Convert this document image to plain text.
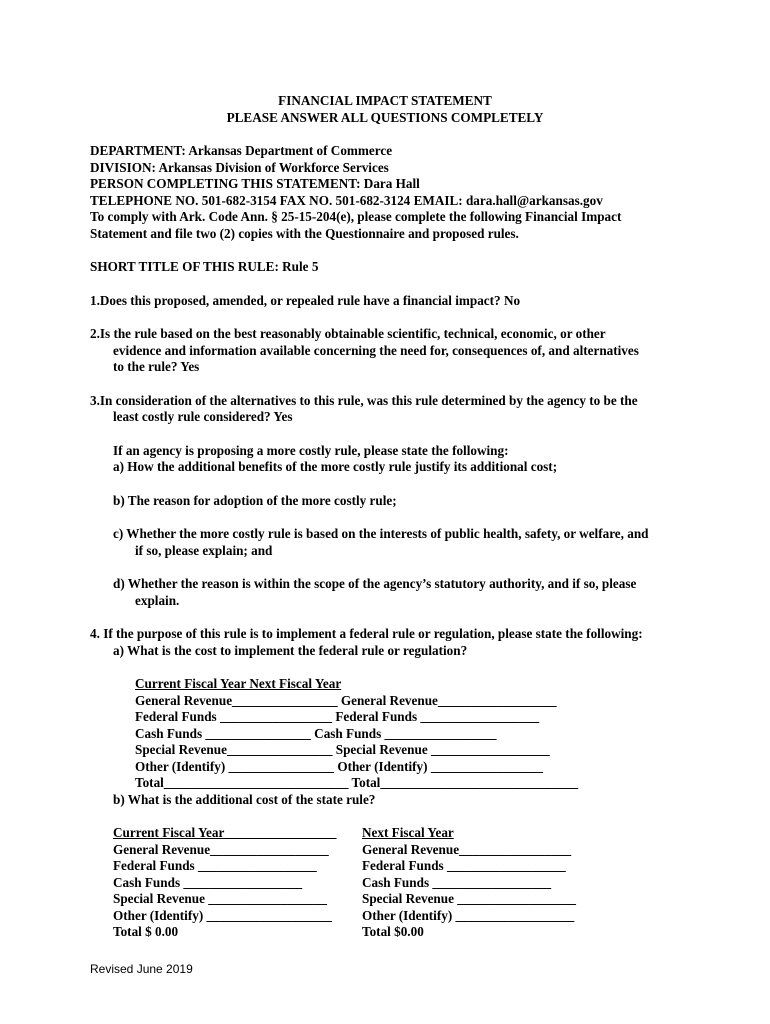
FINANCIAL IMPACT STATEMENT
PLEASE ANSWER ALL QUESTIONS COMPLETELY
DEPARTMENT: Arkansas Department of Commerce
DIVISION: Arkansas Division of Workforce Services
PERSON COMPLETING THIS STATEMENT: Dara Hall
TELEPHONE NO. 501-682-3154 FAX NO. 501-682-3124 EMAIL: dara.hall@arkansas.gov
To comply with Ark. Code Ann. § 25-15-204(e), please complete the following Financial Impact
Statement and file two (2) copies with the Questionnaire and proposed rules.
SHORT TITLE OF THIS RULE: Rule 5
1.Does this proposed, amended, or repealed rule have a financial impact? No
2.Is the rule based on the best reasonably obtainable scientific, technical, economic, or other
evidence and information available concerning the need for, consequences of, and alternatives
to the rule? Yes
3.In consideration of the alternatives to this rule, was this rule determined by the agency to be the
least costly rule considered? Yes
If an agency is proposing a more costly rule, please state the following:
a) How the additional benefits of the more costly rule justify its additional cost;
b) The reason for adoption of the more costly rule;
c) Whether the more costly rule is based on the interests of public health, safety, or welfare, and
if so, please explain; and
d) Whether the reason is within the scope of the agency’s statutory authority, and if so, please
explain.
4. If the purpose of this rule is to implement a federal rule or regulation, please state the following:
a) What is the cost to implement the federal rule or regulation?
Current Fiscal Year Next Fiscal Year
General Revenue________________ General Revenue__________________
Federal Funds _________________ Federal Funds __________________
Cash Funds ________________ Cash Funds _________________
Special Revenue________________ Special Revenue __________________
Other (Identify) ________________ Other (Identify) _________________
Total____________________________ Total______________________________
b) What is the additional cost of the state rule?
Current Fiscal Year_________________
General Revenue__________________
Federal Funds __________________
Cash Funds __________________
Special Revenue __________________
Other (Identify) ___________________
Total $ 0.00
Next Fiscal Year
General Revenue_________________
Federal Funds __________________
Cash Funds __________________
Special Revenue __________________
Other (Identify) __________________
Total $0.00
Revised June 2019
